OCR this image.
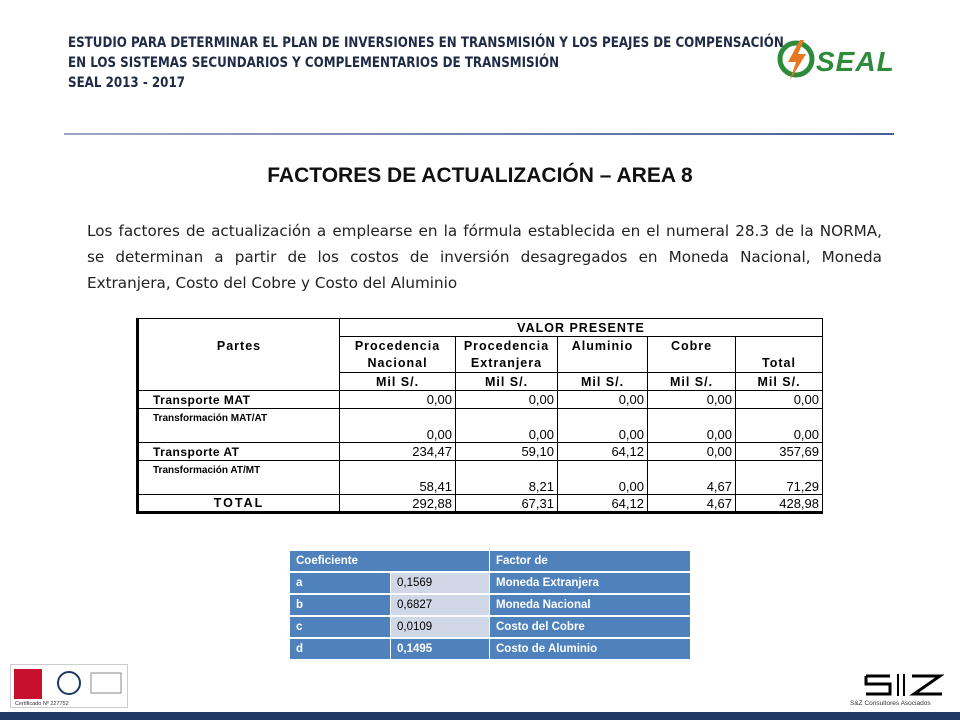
ESTUDIO PARA DETERMINAR EL PLAN DE INVERSIONES EN TRANSMISIÓN Y LOS PEAJES DE COMPENSACIÓN
EN LOS SISTEMAS SECUNDARIOS Y COMPLEMENTARIOS DE TRANSMISIÓN
SEAL 2013 - 2017
SEAL
FACTORES DE ACTUALIZACIÓN – AREA 8
Los factores de actualización a emplearse en la fórmula establecida en el numeral 28.3 de la NORMA, se determinan a partir de los costos de inversión desagregados en Moneda Nacional, Moneda Extranjera, Costo del Cobre y Costo del Aluminio
	VALOR PRESENTE				
Partes	Procedencia	Procedencia	Aluminio	Cobre	
	Nacional	Extranjera			Total
	Mil S/.	Mil S/.	Mil S/.	Mil S/.	Mil S/.
Transporte MAT	0,00	0,00	0,00	0,00	0,00
Transformación MAT/AT	0,00	0,00	0,00	0,00	0,00
Transporte AT	234,47	59,10	64,12	0,00	357,69
Transformación AT/MT	58,41	8,21	0,00	4,67	71,29
TOTAL	292,88	67,31	64,12	4,67	428,98
Coeficiente		Factor de
a	0,1569	Moneda Extranjera
b	0,6827	Moneda Nacional
c	0,0109	Costo del Cobre
d	0,1495	Costo de Aluminio
Certificado Nº 227752	S&Z Consultores Asociados
